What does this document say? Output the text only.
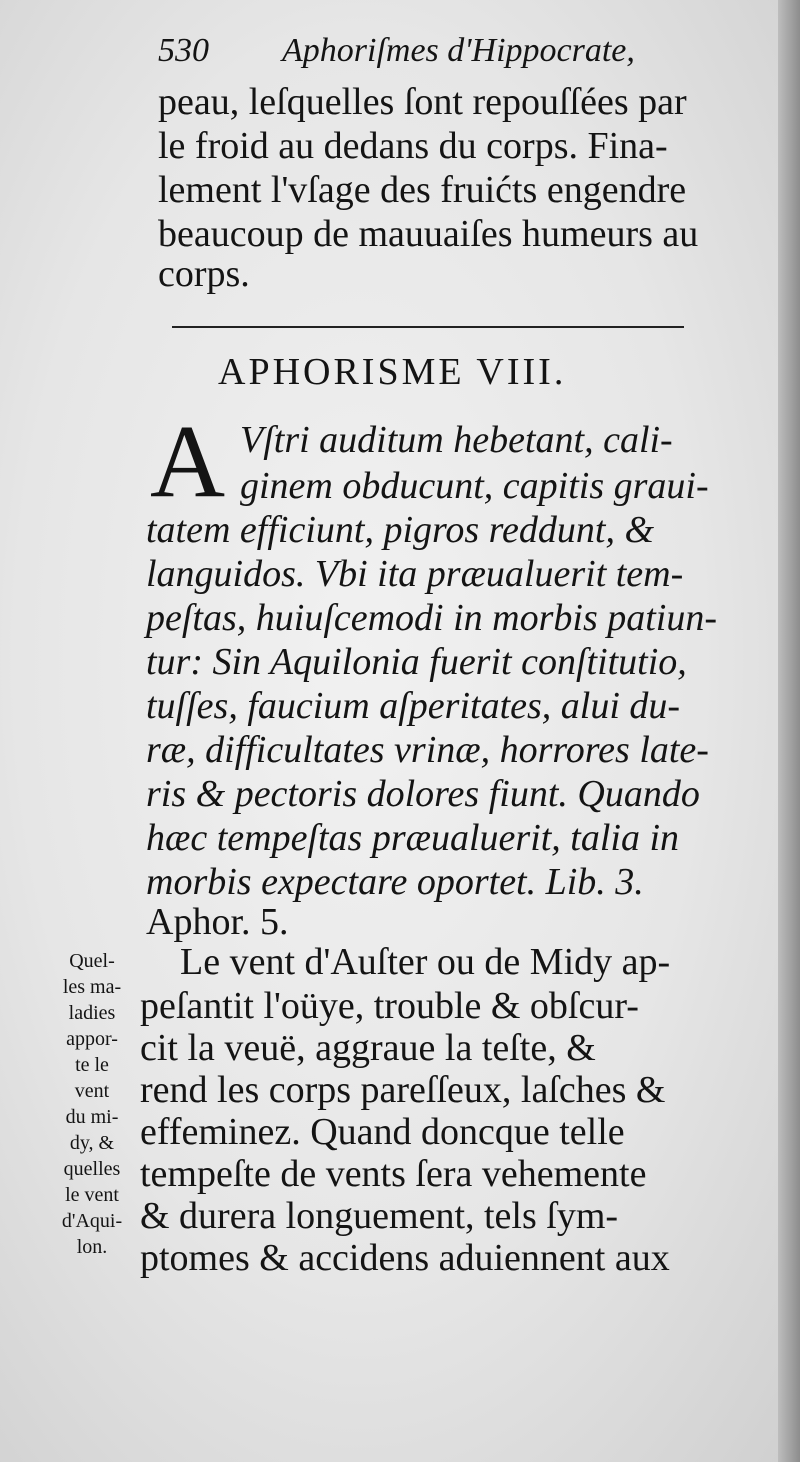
530 Aphoriſmes d'Hippocrate,
peau, leſquelles ſont repouſſées par
le froid au dedans du corps. Fina-
lement l'vſage des fruićts engendre
beaucoup de mauuaiſes humeurs au
corps.
APHORISME VIII.
A Vſtri auditum hebetant, cali-
ginem obducunt, capitis graui-
tatem efficiunt, pigros reddunt, &
languidos. Vbi ita præualuerit tem-
peſtas, huiuſcemodi in morbis patiun-
tur: Sin Aquilonia fuerit conſtitutio,
tuſſes, faucium aſperitates, alui du-
ræ, difficultates vrinæ, horrores late-
ris & pectoris dolores fiunt. Quando
hæc tempeſtas præualuerit, talia in
morbis expectare oportet. Lib. 3.
Aphor. 5.
Le vent d'Auſter ou de Midy ap-
peſantit l'oüye, trouble & obſcur-
cit la veuë, aggraue la teſte, &
rend les corps pareſſeux, laſches &
effeminez. Quand doncque telle
tempeſte de vents ſera vehemente
& durera longuement, tels ſym-
ptomes & accidens aduiennent aux
Quel-
les ma-
ladies
appor-
te le
vent
du mi-
dy, &
quelles
le vent
d'Aqui-
lon.
